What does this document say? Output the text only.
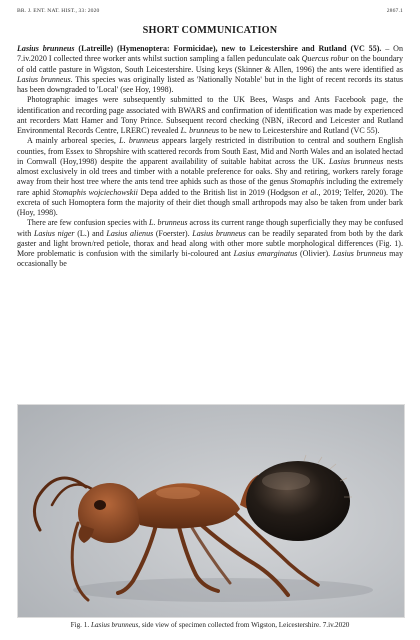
BR. J. ENT. NAT. HIST., 33: 2020	2867.1
SHORT COMMUNICATION

Lasius brunneus (Latreille) (Hymenoptera: Formicidae), new to Leicestershire and Rutland (VC 55). – On 7.iv.2020 I collected three worker ants whilst suction sampling a fallen pedunculate oak Quercus robur on the boundary of old cattle pasture in Wigston, South Leicestershire. Using keys (Skinner & Allen, 1996) the ants were identified as Lasius brunneus. This species was originally listed as 'Nationally Notable' but in the light of recent records its status has been downgraded to 'Local' (see Hoy, 1998).

Photographic images were subsequently submitted to the UK Bees, Wasps and Ants Facebook page, the identification and recording page associated with BWARS and confirmation of identification was made by experienced ant recorders Matt Hamer and Tony Prince. Subsequent record checking (NBN, iRecord and Leicester and Rutland Environmental Records Centre, LRERC) revealed L. brunneus to be new to Leicestershire and Rutland (VC 55).

A mainly arboreal species, L. brunneus appears largely restricted in distribution to central and southern English counties, from Essex to Shropshire with scattered records from South East, Mid and North Wales and an isolated hectad in Cornwall (Hoy,1998) despite the apparent availability of suitable habitat across the UK. Lasius brunneus nests almost exclusively in old trees and timber with a notable preference for oaks. Shy and retiring, workers rarely forage away from their host tree where the ants tend tree aphids such as those of the genus Stomaphis including the extremely rare aphid Stomaphis wojciechowskii Depa added to the British list in 2019 (Hodgson et al., 2019; Telfer, 2020). The excreta of such Homoptera form the majority of their diet though small arthropods may also be taken from under bark (Hoy, 1998).

There are few confusion species with L. brunneus across its current range though superficially they may be confused with Lasius niger (L.) and Lasius alienus (Foerster). Lasius brunneus can be readily separated from both by the dark gaster and light brown/red petiole, thorax and head along with other more subtle morphological differences (Fig. 1). More problematic is confusion with the similarly bi-coloured ant Lasius emarginatus (Olivier). Lasius brunneus may occasionally be

Fig. 1. Lasius brunneus, side view of specimen collected from Wigston, Leicestershire. 7.iv.2020
